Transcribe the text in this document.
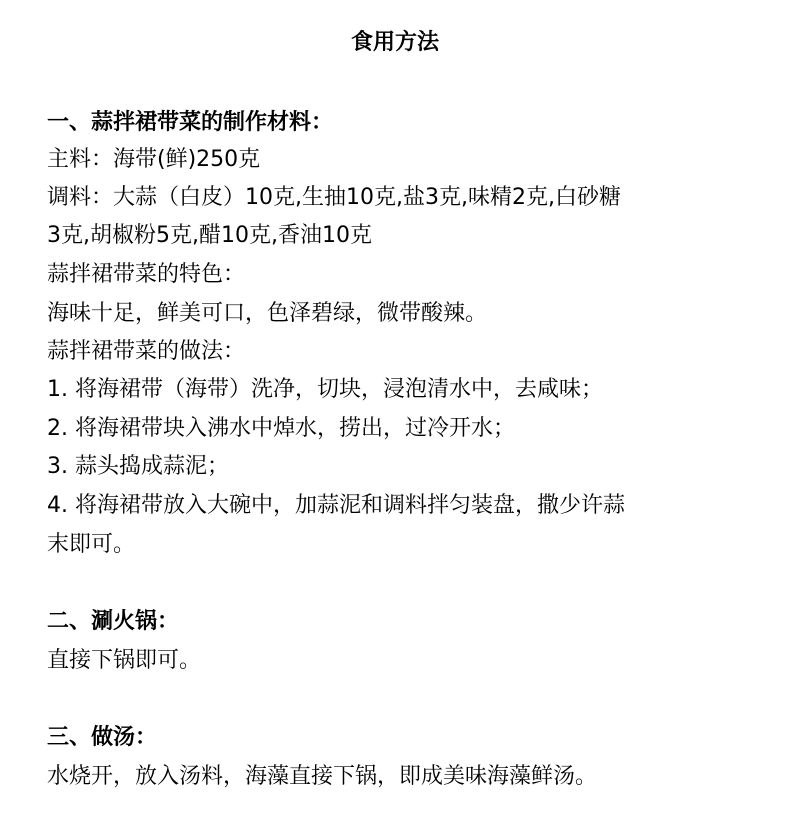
食用方法
一、蒜拌裙带菜的制作材料：
主料：海带(鲜)250克
调料：大蒜（白皮）10克,生抽10克,盐3克,味精2克,白砂糖
3克,胡椒粉5克,醋10克,香油10克
蒜拌裙带菜的特色：
海味十足，鲜美可口，色泽碧绿，微带酸辣。
蒜拌裙带菜的做法：
1. 将海裙带（海带）洗净，切块，浸泡清水中，去咸味；
2. 将海裙带块入沸水中焯水，捞出，过冷开水；
3. 蒜头捣成蒜泥；
4. 将海裙带放入大碗中，加蒜泥和调料拌匀装盘，撒少许蒜
末即可。
二、涮火锅：
直接下锅即可。
三、做汤：
水烧开，放入汤料，海藻直接下锅，即成美味海藻鲜汤。
